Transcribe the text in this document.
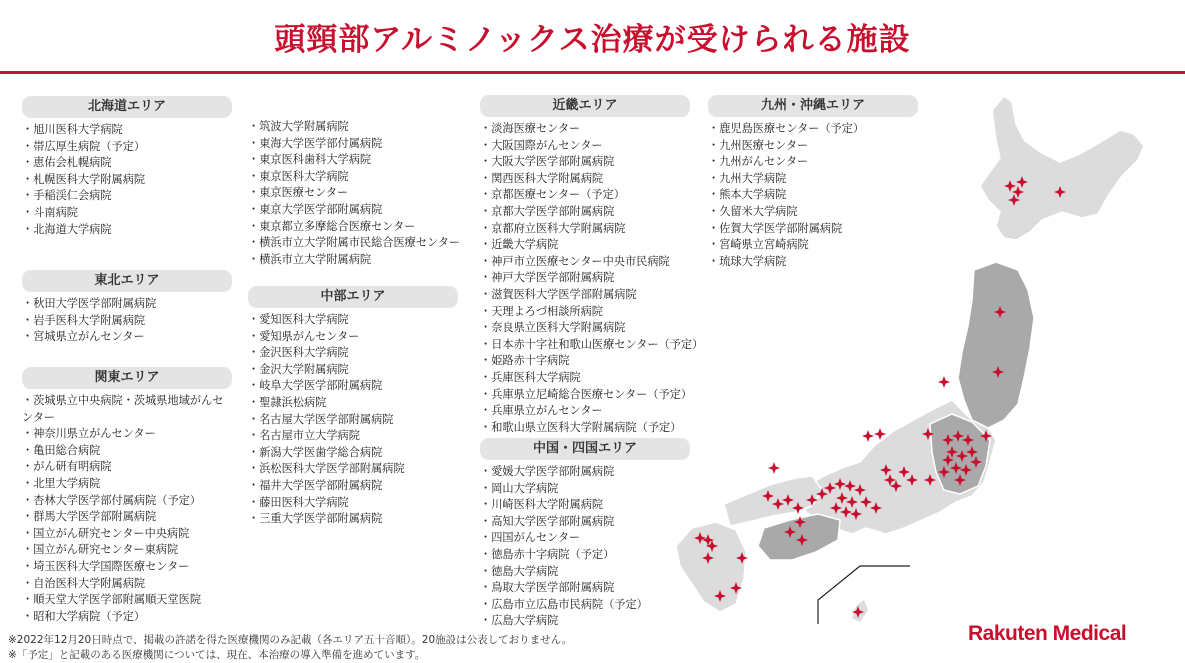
頭頸部アルミノックス治療が受けられる施設
北海道エリア
・旭川医科大学病院
・帯広厚生病院（予定）
・恵佑会札幌病院
・札幌医科大学附属病院
・手稲渓仁会病院
・斗南病院
・北海道大学病院
東北エリア
・秋田大学医学部附属病院
・岩手医科大学附属病院
・宮城県立がんセンター
関東エリア
・茨城県立中央病院・茨城県地域がんセンター
・神奈川県立がんセンター
・亀田総合病院
・がん研有明病院
・北里大学病院
・杏林大学医学部付属病院（予定）
・群馬大学医学部附属病院
・国立がん研究センター中央病院
・国立がん研究センター東病院
・埼玉医科大学国際医療センター
・自治医科大学附属病院
・順天堂大学医学部附属順天堂医院
・昭和大学病院（予定）
・筑波大学附属病院
・東海大学医学部付属病院
・東京医科歯科大学病院
・東京医科大学病院
・東京医療センター
・東京大学医学部附属病院
・東京都立多摩総合医療センター
・横浜市立大学附属市民総合医療センター
・横浜市立大学附属病院
中部エリア
・愛知医科大学病院
・愛知県がんセンター
・金沢医科大学病院
・金沢大学附属病院
・岐阜大学医学部附属病院
・聖隷浜松病院
・名古屋大学医学部附属病院
・名古屋市立大学病院
・新潟大学医歯学総合病院
・浜松医科大学医学部附属病院
・福井大学医学部附属病院
・藤田医科大学病院
・三重大学医学部附属病院
近畿エリア
・淡海医療センター
・大阪国際がんセンター
・大阪大学医学部附属病院
・関西医科大学附属病院
・京都医療センター（予定）
・京都大学医学部附属病院
・京都府立医科大学附属病院
・近畿大学病院
・神戸市立医療センター中央市民病院
・神戸大学医学部附属病院
・滋賀医科大学医学部附属病院
・天理よろづ相談所病院
・奈良県立医科大学附属病院
・日本赤十字社和歌山医療センター（予定）
・姫路赤十字病院
・兵庫医科大学病院
・兵庫県立尼崎総合医療センター（予定）
・兵庫県立がんセンター
・和歌山県立医科大学附属病院（予定）
中国・四国エリア
・愛媛大学医学部附属病院
・岡山大学病院
・川崎医科大学附属病院
・高知大学医学部附属病院
・四国がんセンター
・徳島赤十字病院（予定）
・徳島大学病院
・鳥取大学医学部附属病院
・広島市立広島市民病院（予定）
・広島大学病院
九州・沖縄エリア
・鹿児島医療センター（予定）
・九州医療センター
・九州がんセンター
・九州大学病院
・熊本大学病院
・久留米大学病院
・佐賀大学医学部附属病院
・宮崎県立宮崎病院
・琉球大学病院
※2022年12月20日時点で、掲載の許諾を得た医療機関のみ記載（各エリア五十音順）。20施設は公表しておりません。
※「予定」と記載のある医療機関については、現在、本治療の導入準備を進めています。
Rakuten Medical
